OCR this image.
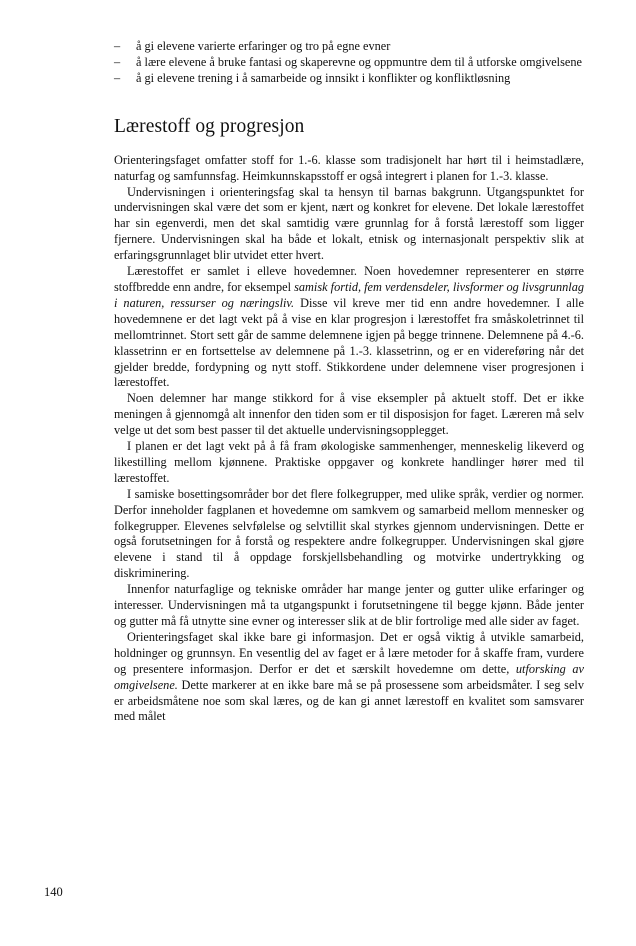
– å gi elevene varierte erfaringer og tro på egne evner
– å lære elevene å bruke fantasi og skaperevne og oppmuntre dem til å utforske omgivelsene
– å gi elevene trening i å samarbeide og innsikt i konflikter og konfliktløsning
Lærestoff og progresjon

Orienteringsfaget omfatter stoff for 1.-6. klasse som tradisjonelt har hørt til i heimstadlære, naturfag og samfunnsfag. Heimkunnskapsstoff er også integrert i planen for 1.-3. klasse.

Undervisningen i orienteringsfag skal ta hensyn til barnas bakgrunn. Utgangspunktet for undervisningen skal være det som er kjent, nært og konkret for elevene. Det lokale lærestoffet har sin egenverdi, men det skal samtidig være grunnlag for å forstå lærestoff som ligger fjernere. Undervisningen skal ha både et lokalt, etnisk og internasjonalt perspektiv slik at erfaringsgrunnlaget blir utvidet etter hvert.

Lærestoffet er samlet i elleve hovedemner. Noen hovedemner representerer en større stoffbredde enn andre, for eksempel samisk fortid, fem verdensdeler, livsformer og livsgrunnlag i naturen, ressurser og næringsliv. Disse vil kreve mer tid enn andre hovedemner. I alle hovedemnene er det lagt vekt på å vise en klar progresjon i lærestoffet fra småskoletrinnet til mellomtrinnet. Stort sett går de samme delemnene igjen på begge trinnene. Delemnene på 4.-6. klassetrinn er en fortsettelse av delemnene på 1.-3. klassetrinn, og er en videreføring når det gjelder bredde, fordypning og nytt stoff. Stikkordene under delemnene viser progresjonen i lærestoffet.

Noen delemner har mange stikkord for å vise eksempler på aktuelt stoff. Det er ikke meningen å gjennomgå alt innenfor den tiden som er til disposisjon for faget. Læreren må selv velge ut det som best passer til det aktuelle undervisningsopplegget.

I planen er det lagt vekt på å få fram økologiske sammenhenger, menneskelig likeverd og likestilling mellom kjønnene. Praktiske oppgaver og konkrete handlinger hører med til lærestoffet.

I samiske bosettingsområder bor det flere folkegrupper, med ulike språk, verdier og normer. Derfor inneholder fagplanen et hovedemne om samkvem og samarbeid mellom mennesker og folkegrupper. Elevenes selvfølelse og selvtillit skal styrkes gjennom undervisningen. Dette er også forutsetningen for å forstå og respektere andre folkegrupper. Undervisningen skal gjøre elevene i stand til å oppdage forskjellsbehandling og motvirke undertrykking og diskriminering.

Innenfor naturfaglige og tekniske områder har mange jenter og gutter ulike erfaringer og interesser. Undervisningen må ta utgangspunkt i forutsetningene til begge kjønn. Både jenter og gutter må få utnytte sine evner og interesser slik at de blir fortrolige med alle sider av faget.

Orienteringsfaget skal ikke bare gi informasjon. Det er også viktig å utvikle samarbeid, holdninger og grunnsyn. En vesentlig del av faget er å lære metoder for å skaffe fram, vurdere og presentere informasjon. Derfor er det et særskilt hovedemne om dette, utforsking av omgivelsene. Dette markerer at en ikke bare må se på prosessene som arbeidsmåter. I seg selv er arbeidsmåtene noe som skal læres, og de kan gi annet lærestoff en kvalitet som samsvarer med målet

140
